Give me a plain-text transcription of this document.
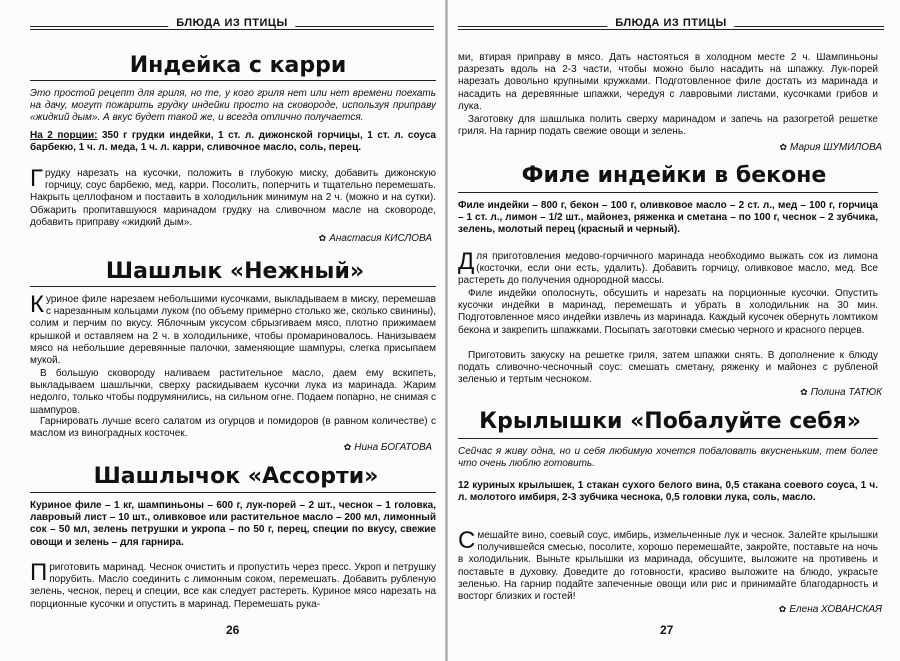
БЛЮДА ИЗ ПТИЦЫ
Индейка с карри

Это простой рецепт для гриля, но те, у кого гриля нет или нет времени поехать на дачу, могут пожарить грудку индейки просто на сковороде, используя приправу «жидкий дым». А вкус будет такой же, и всегда отлично получается.

На 2 порции: 350 г грудки индейки, 1 ст. л. дижонской горчицы, 1 ст. л. соуса барбекю, 1 ч. л. меда, 1 ч. л. карри, сливочное масло, соль, перец.

Грудку нарезать на кусочки, положить в глубокую миску, добавить дижонскую горчицу, соус барбекю, мед, карри. Посолить, поперчить и тщательно перемешать. Накрыть целлофаном и поставить в холодильник минимум на 2 ч. (можно и на сутки). Обжарить пропитавшуюся маринадом грудку на сливочном масле на сковороде, добавить приправу «жидкий дым».

✿ Анастасия КИСЛОВА
Шашлык «Нежный»

Куриное филе нарезаем небольшими кусочками, выкладываем в миску, перемешав с нарезанным кольцами луком (по объему примерно столько же, сколько свинины), солим и перчим по вкусу. Яблочным уксусом сбрызгиваем мясо, плотно прижимаем крышкой и оставляем на 2 ч. в холодильнике, чтобы промариновалось. Нанизываем мясо на небольшие деревянные палочки, заменяющие шампуры, слегка присыпаем мукой.

В большую сковороду наливаем растительное масло, даем ему вскипеть, выкладываем шашлычки, сверху раскидываем кусочки лука из маринада. Жарим недолго, только чтобы подрумянились, на сильном огне. Подаем попарно, не снимая с шампуров.

Гарнировать лучше всего салатом из огурцов и помидоров (в равном количестве) с маслом из виноградных косточек.

✿ Нина БОГАТОВА
Шашлычок «Ассорти»

Куриное филе – 1 кг, шампиньоны – 600 г, лук-порей – 2 шт., чеснок – 1 головка, лавровый лист – 10 шт., оливковое или растительное масло – 200 мл, лимонный сок – 50 мл, зелень петрушки и укропа – по 50 г, перец, специи по вкусу, свежие овощи и зелень – для гарнира.

Приготовить маринад. Чеснок очистить и пропустить через пресс. Укроп и петрушку порубить. Масло соединить с лимонным соком, перемешать. Добавить рубленую зелень, чеснок, перец и специи, все как следует растереть. Куриное мясо нарезать на порционные кусочки и опустить в маринад. Перемешать рука-

26
БЛЮДА ИЗ ПТИЦЫ

ми, втирая приправу в мясо. Дать настояться в холодном месте 2 ч. Шампиньоны разрезать вдоль на 2-3 части, чтобы можно было насадить на шпажку. Лук-порей нарезать довольно крупными кружками. Подготовленное филе достать из маринада и насадить на деревянные шпажки, чередуя с лавровыми листами, кусочками грибов и лука.

Заготовку для шашлыка полить сверху маринадом и запечь на разогретой решетке гриля. На гарнир подать свежие овощи и зелень.

✿ Мария ШУМИЛОВА
Филе индейки в беконе

Филе индейки – 800 г, бекон – 100 г, оливковое масло – 2 ст. л., мед – 100 г, горчица – 1 ст. л., лимон – 1/2 шт., майонез, ряженка и сметана – по 100 г, чеснок – 2 зубчика, зелень, молотый перец (красный и черный).

Для приготовления медово-горчичного маринада необходимо выжать сок из лимона (косточки, если они есть, удалить). Добавить горчицу, оливковое масло, мед. Все растереть до получения однородной массы.

Филе индейки ополоснуть, обсушить и нарезать на порционные кусочки. Опустить кусочки индейки в маринад, перемешать и убрать в холодильник на 30 мин. Подготовленное мясо индейки извлечь из маринада. Каждый кусочек обернуть ломтиком бекона и закрепить шпажками. Посыпать заготовки смесью черного и красного перцев.

Приготовить закуску на решетке гриля, затем шпажки снять. В дополнение к блюду подать сливочно-чесночный соус: смешать сметану, ряженку и майонез с рубленой зеленью и тертым чесноком.

✿ Полина ТАТЮК
Крылышки «Побалуйте себя»

Сейчас я живу одна, но и себя любимую хочется побаловать вкусненьким, тем более что очень люблю готовить.

12 куриных крылышек, 1 стакан сухого белого вина, 0,5 стакана соевого соуса, 1 ч. л. молотого имбиря, 2-3 зубчика чеснока, 0,5 головки лука, соль, масло.

Смешайте вино, соевый соус, имбирь, измельченные лук и чеснок. Залейте крылышки получившейся смесью, посолите, хорошо перемешайте, закройте, поставьте на ночь в холодильник. Выньте крылышки из маринада, обсушите, выложите на противень и поставьте в духовку. Доведите до готовности, красиво выложите на блюдо, украсьте зеленью. На гарнир подайте запеченные овощи или рис и принимайте благодарность и восторг близких и гостей!

✿ Елена ХОВАНСКАЯ
27
